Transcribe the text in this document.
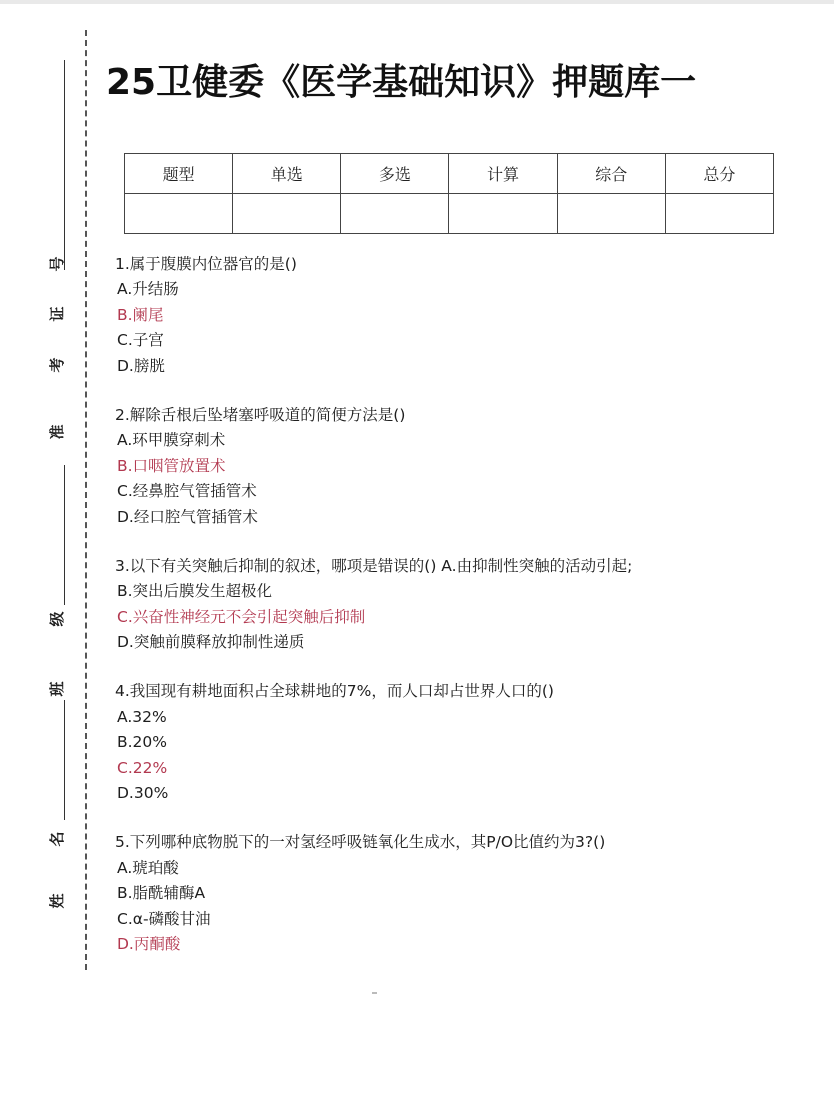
号
证
考
准
级
班
名
姓
25卫健委《医学基础知识》押题库一
题型	单选	多选	计算	综合	总分

1.属于腹膜内位器官的是()
A.升结肠
B.阑尾
C.子宫
D.膀胱
2.解除舌根后坠堵塞呼吸道的简便方法是()
A.环甲膜穿刺术
B.口咽管放置术
C.经鼻腔气管插管术
D.经口腔气管插管术
3.以下有关突触后抑制的叙述，哪项是错误的() A.由抑制性突触的活动引起;
B.突出后膜发生超极化
C.兴奋性神经元不会引起突触后抑制
D.突触前膜释放抑制性递质
4.我国现有耕地面积占全球耕地的7%，而人口却占世界人口的()
A.32%
B.20%
C.22%
D.30%
5.下列哪种底物脱下的一对氢经呼吸链氧化生成水，其P/O比值约为3?()
A.琥珀酸
B.脂酰辅酶A
C.α-磷酸甘油
D.丙酮酸
